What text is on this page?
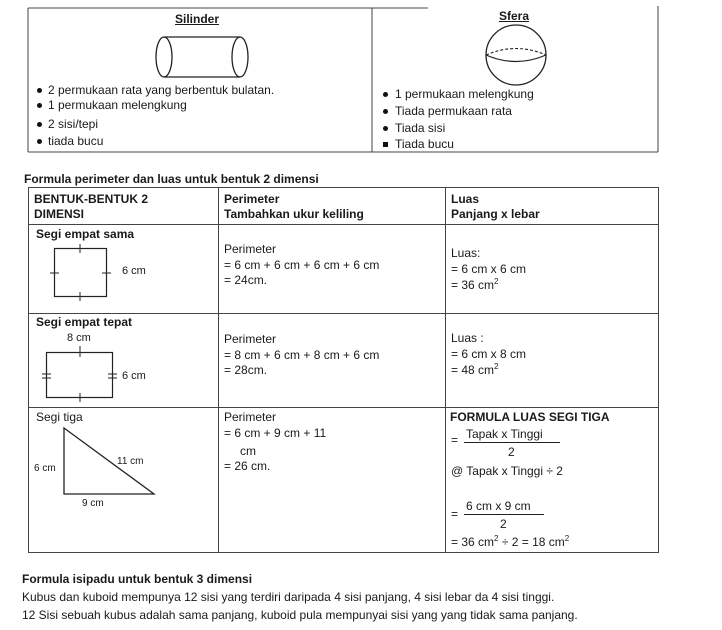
Silinder
2 permukaan rata yang berbentuk bulatan.
1 permukaan melengkung
2 sisi/tepi
tiada bucu
Sfera
1 permukaan melengkung
Tiada permukaan rata
Tiada sisi
Tiada bucu
Formula perimeter dan luas untuk bentuk 2 dimensi
BENTUK-BENTUK 2
DIMENSI
Perimeter
Tambahkan ukur keliling
Luas
Panjang x lebar
Segi empat sama
6 cm
Perimeter
= 6 cm + 6 cm + 6 cm + 6 cm
= 24cm.
Luas:
= 6 cm x 6 cm
= 36 $cm^2$
Segi empat tepat
8 cm
6 cm
Perimeter
= 8 cm + 6 cm + 8 cm + 6 cm
= 28cm.
Luas :
= 6 cm x 8 cm
= 48 $cm^2$
Segi tiga
6 cm
11 cm
9 cm
Perimeter
= 6 cm + 9 cm + 11
cm
= 26 cm.
FORMULA LUAS SEGI TIGA
= Tapak x Tinggi
2
@ Tapak x Tinggi ÷ 2
=
6 cm x 9 cm
2
= 36 $cm^2 \div 2 = 18$ $cm^2$
Formula isipadu untuk bentuk 3 dimensi
Kubus dan kuboid mempunya 12 sisi yang terdiri daripada 4 sisi panjang, 4 sisi lebar da 4 sisi tinggi.
12 Sisi sebuah kubus adalah sama panjang, kuboid pula mempunyai sisi yang yang tidak sama panjang.
